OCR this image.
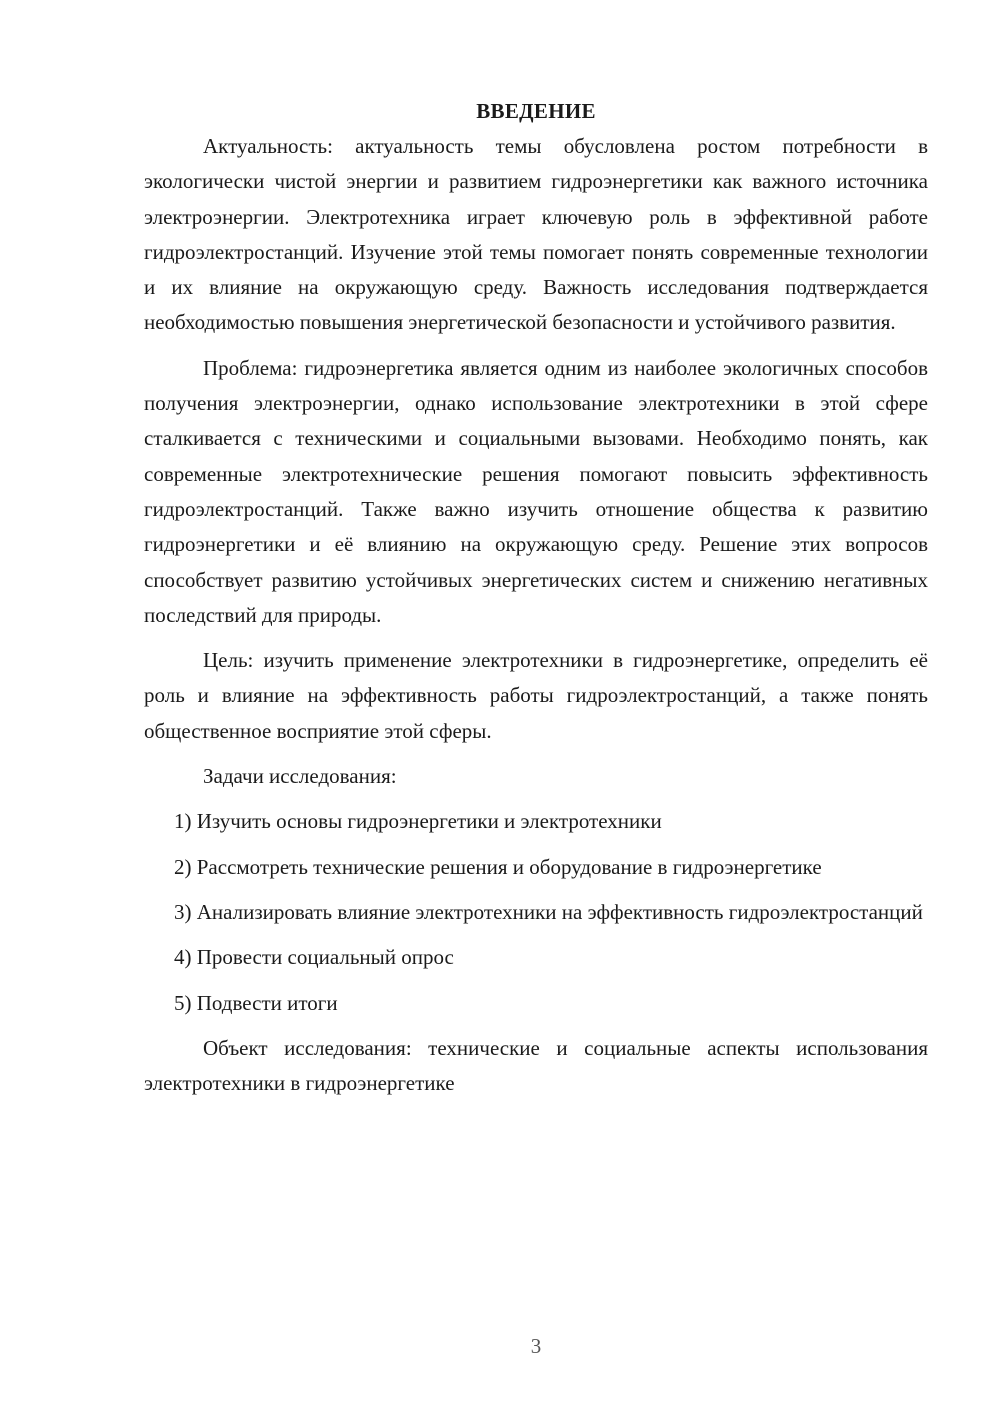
ВВЕДЕНИЕ

Актуальность: актуальность темы обусловлена ростом потребности в экологически чистой энергии и развитием гидроэнергетики как важного источника электроэнергии. Электротехника играет ключевую роль в эффективной работе гидроэлектростанций. Изучение этой темы помогает понять современные технологии и их влияние на окружающую среду. Важность исследования подтверждается необходимостью повышения энергетической безопасности и устойчивого развития.

Проблема: гидроэнергетика является одним из наиболее экологичных способов получения электроэнергии, однако использование электротехники в этой сфере сталкивается с техническими и социальными вызовами. Необходимо понять, как современные электротехнические решения помогают повысить эффективность гидроэлектростанций. Также важно изучить отношение общества к развитию гидроэнергетики и её влиянию на окружающую среду. Решение этих вопросов способствует развитию устойчивых энергетических систем и снижению негативных последствий для природы.

Цель: изучить применение электротехники в гидроэнергетике, определить её роль и влияние на эффективность работы гидроэлектростанций, а также понять общественное восприятие этой сферы.

Задачи исследования:

1) Изучить основы гидроэнергетики и электротехники

2) Рассмотреть технические решения и оборудование в гидроэнергетике

3) Анализировать влияние электротехники на эффективность гидроэлектростанций

4) Провести социальный опрос

5) Подвести итоги

Объект исследования: технические и социальные аспекты использования электротехники в гидроэнергетике

3
